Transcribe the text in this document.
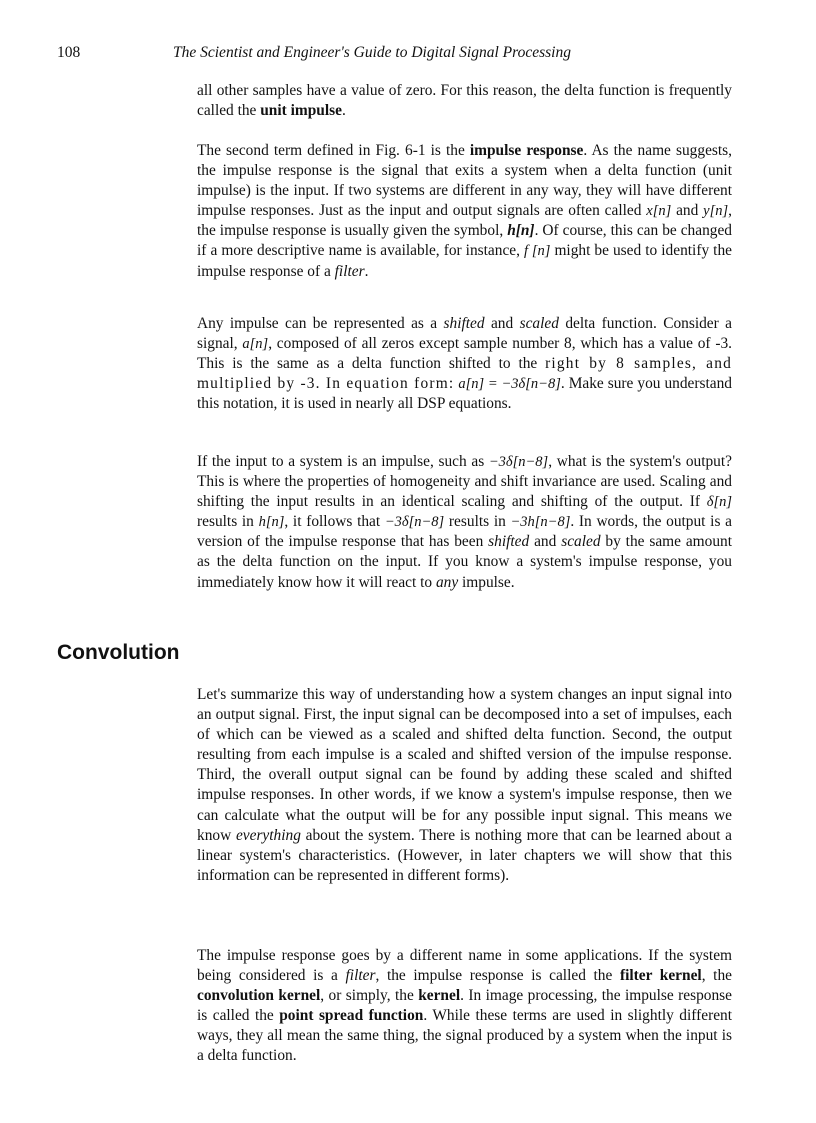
108	The Scientist and Engineer's Guide to Digital Signal Processing

all other samples have a value of zero. For this reason, the delta function is frequently called the unit impulse.

The second term defined in Fig. 6-1 is the impulse response. As the name suggests, the impulse response is the signal that exits a system when a delta function (unit impulse) is the input. If two systems are different in any way, they will have different impulse responses. Just as the input and output signals are often called x[n] and y[n], the impulse response is usually given the symbol, h[n]. Of course, this can be changed if a more descriptive name is available, for instance, f [n] might be used to identify the impulse response of a filter.

Any impulse can be represented as a shifted and scaled delta function. Consider a signal, a[n], composed of all zeros except sample number 8, which has a value of -3. This is the same as a delta function shifted to the right by 8 samples, and multiplied by -3. In equation form: a[n] = −3δ[n−8]. Make sure you understand this notation, it is used in nearly all DSP equations.

If the input to a system is an impulse, such as −3δ[n−8], what is the system's output? This is where the properties of homogeneity and shift invariance are used. Scaling and shifting the input results in an identical scaling and shifting of the output. If δ[n] results in h[n], it follows that −3δ[n−8] results in −3h[n−8]. In words, the output is a version of the impulse response that has been shifted and scaled by the same amount as the delta function on the input. If you know a system's impulse response, you immediately know how it will react to any impulse.

Convolution

Let's summarize this way of understanding how a system changes an input signal into an output signal. First, the input signal can be decomposed into a set of impulses, each of which can be viewed as a scaled and shifted delta function. Second, the output resulting from each impulse is a scaled and shifted version of the impulse response. Third, the overall output signal can be found by adding these scaled and shifted impulse responses. In other words, if we know a system's impulse response, then we can calculate what the output will be for any possible input signal. This means we know everything about the system. There is nothing more that can be learned about a linear system's characteristics. (However, in later chapters we will show that this information can be represented in different forms).

The impulse response goes by a different name in some applications. If the system being considered is a filter, the impulse response is called the filter kernel, the convolution kernel, or simply, the kernel. In image processing, the impulse response is called the point spread function. While these terms are used in slightly different ways, they all mean the same thing, the signal produced by a system when the input is a delta function.
